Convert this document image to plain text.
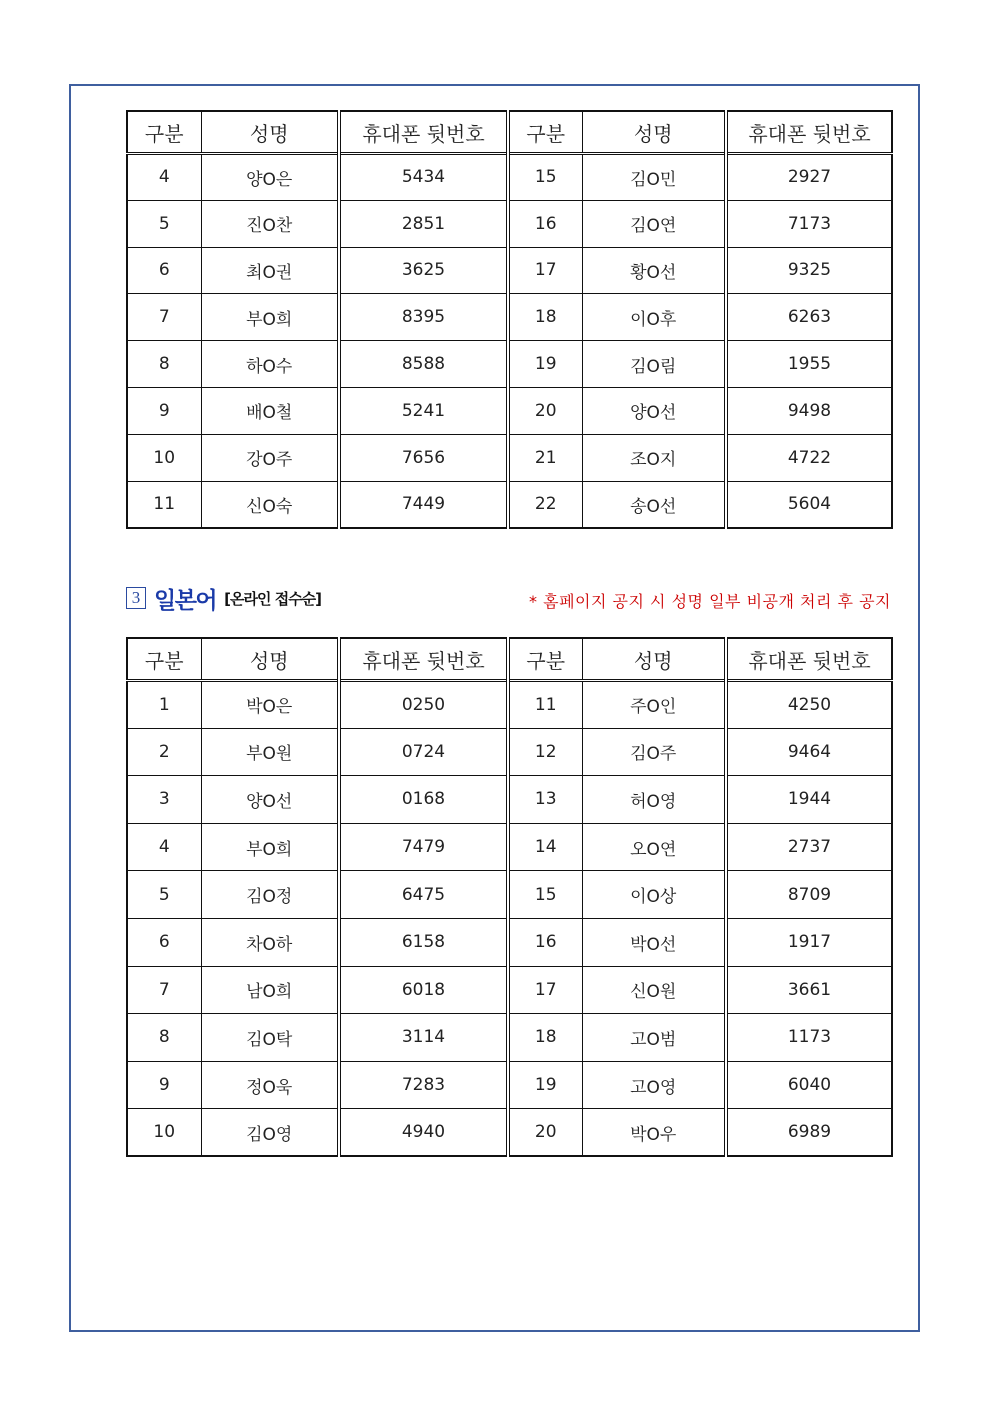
구분	성명	휴대폰 뒷번호	구분	성명	휴대폰 뒷번호
4	양O은	5434	15	김O민	2927
5	진O찬	2851	16	김O연	7173
6	최O권	3625	17	황O선	9325
7	부O희	8395	18	이O후	6263
8	하O수	8588	19	김O림	1955
9	배O철	5241	20	양O선	9498
10	강O주	7656	21	조O지	4722
11	신O숙	7449	22	송O선	5604
3 일본어 [온라인 접수순]	* 홈페이지 공지 시 성명 일부 비공개 처리 후 공지
구분	성명	휴대폰 뒷번호	구분	성명	휴대폰 뒷번호
1	박O은	0250	11	주O인	4250
2	부O원	0724	12	김O주	9464
3	양O선	0168	13	허O영	1944
4	부O희	7479	14	오O연	2737
5	김O정	6475	15	이O상	8709
6	차O하	6158	16	박O선	1917
7	남O희	6018	17	신O원	3661
8	김O탁	3114	18	고O범	1173
9	정O욱	7283	19	고O영	6040
10	김O영	4940	20	박O우	6989
